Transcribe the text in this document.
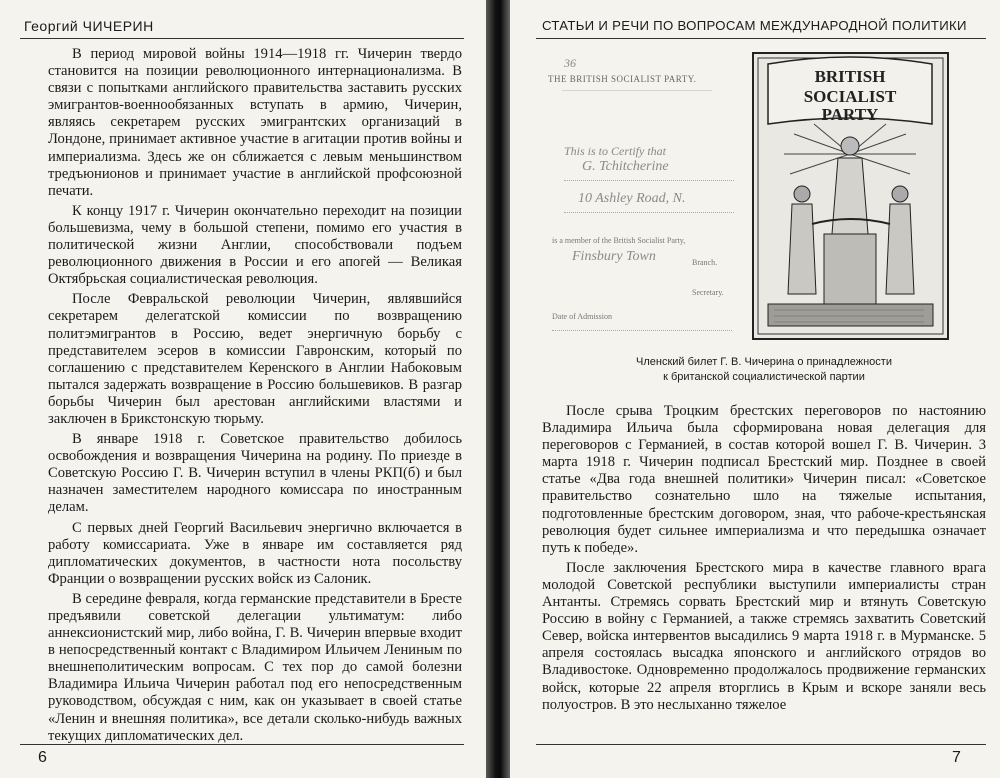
Георгий ЧИЧЕРИН

В период мировой войны 1914—1918 гг. Чичерин твердо становится на позиции революционного интернационализма. В связи с попытками английского правительства заставить русских эмигрантов-военнообязанных вступать в армию, Чичерин, являясь секретарем русских эмигрантских организаций в Лондоне, принимает активное участие в агитации против войны и империализма. Здесь же он сближается с левым меньшинством тредъюнионов и принимает участие в английской профсоюзной печати.

К концу 1917 г. Чичерин окончательно переходит на позиции большевизма, чему в большой степени, помимо его участия в политической жизни Англии, способствовали подъем революционного движения в России и его апогей — Великая Октябрьская социалистическая революция.

После Февральской революции Чичерин, являвшийся секретарем делегатской комиссии по возвращению политэмигрантов в Россию, ведет энергичную борьбу с представителем эсеров в комиссии Гавронским, который по соглашению с представителем Керенского в Англии Набоковым пытался задержать возвращение в Россию большевиков. В разгар борьбы Чичерин был арестован английскими властями и заключен в Брикстонскую тюрьму.

В январе 1918 г. Советское правительство добилось освобождения и возвращения Чичерина на родину. По приезде в Советскую Россию Г. В. Чичерин вступил в члены РКП(б) и был назначен заместителем народного комиссара по иностранным делам.

С первых дней Георгий Васильевич энергично включается в работу комиссариата. Уже в январе им составляется ряд дипломатических документов, в частности нота посольству Франции о возвращении русских войск из Салоник.

В середине февраля, когда германские представители в Бресте предъявили советской делегации ультиматум: либо аннексионистский мир, либо война, Г. В. Чичерин впервые входит в непосредственный контакт с Владимиром Ильичем Лениным по внешнеполитическим вопросам. С тех пор до самой болезни Владимира Ильича Чичерин работал под его непосредственным руководством, обсуждая с ним, как он указывает в своей статье «Ленин и внешняя политика», все детали сколько-нибудь важных текущих дипломатических дел.

6
СТАТЬИ И РЕЧИ ПО ВОПРОСАМ МЕЖДУНАРОДНОЙ ПОЛИТИКИ
36
THE BRITISH SOCIALIST PARTY.
This is to Certify that
G. Tchitcherine
10 Ashley Road, N.
is a member of the British Socialist Party,
Finsbury Town	Branch.
Secretary.
Date of Admission
BRITISH
SOCIALIST
PARTY
Членский билет Г. В. Чичерина о принадлежности
к британской социалистической партии

После срыва Троцким брестских переговоров по настоянию Владимира Ильича была сформирована новая делегация для переговоров с Германией, в состав которой вошел Г. В. Чичерин. 3 марта 1918 г. Чичерин подписал Брестский мир. Позднее в своей статье «Два года внешней политики» Чичерин писал: «Советское правительство сознательно шло на тяжелые испытания, подготовленные брестским договором, зная, что рабоче-крестьянская революция будет сильнее империализма и что передышка означает путь к победе».

После заключения Брестского мира в качестве главного врага молодой Советской республики выступили империалисты стран Антанты. Стремясь сорвать Брестский мир и втянуть Советскую Россию в войну с Германией, а также стремясь захватить Советский Север, войска интервентов высадились 9 марта 1918 г. в Мурманске. 5 апреля состоялась высадка японского и английского отрядов во Владивостоке. Одновременно продолжалось продвижение германских войск, которые 22 апреля вторглись в Крым и вскоре заняли весь полуостров. В это неслыханно тяжелое

7
